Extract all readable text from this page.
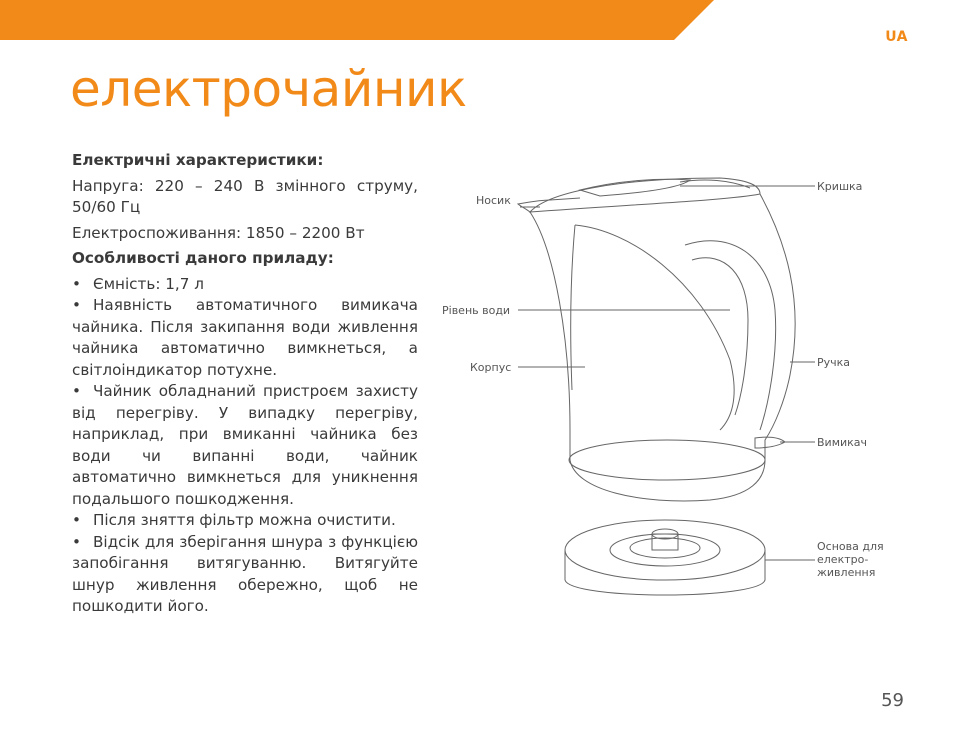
UA
електрочайник

Електричні характеристики:

Напруга: 220 – 240 В змінного струму, 50/60 Гц

Електроспоживання: 1850 – 2200 Вт

Особливості даного приладу:

• Ємність: 1,7 л
• Наявність автоматичного вимикача чайника. Після закипання води живлення чайника автоматично вимкнеться, а світлоіндикатор потухне.
• Чайник обладнаний пристроєм захисту від перегріву. У випадку перегріву, наприклад, при вмиканні чайника без води чи випанні води, чайник автоматично вимкнеться для уникнення подальшого пошкодження.
• Після зняття фільтр можна очистити.
• Відсік для зберігання шнура з функцією запобігання витягуванню. Витягуйте шнур живлення обережно, щоб не пошкодити його.
Носик
Кришка
Рівень води
Ручка
Корпус
Вимикач
Основа для електро-живлення
59
